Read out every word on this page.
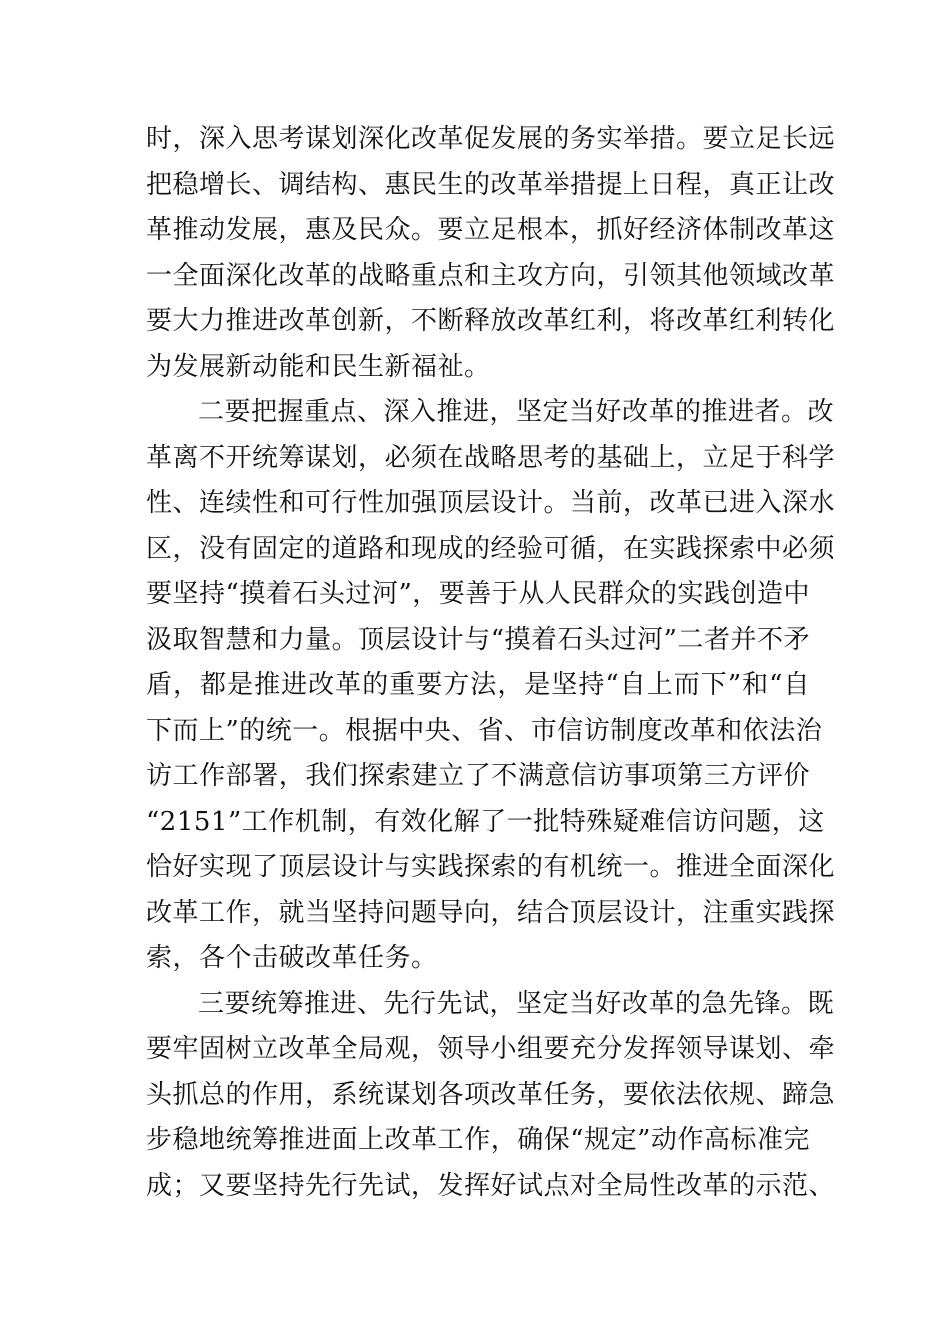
时，深入思考谋划深化改革促发展的务实举措。要立足长远
把稳增长、调结构、惠民生的改革举措提上日程，真正让改
革推动发展，惠及民众。要立足根本，抓好经济体制改革这
一全面深化改革的战略重点和主攻方向，引领其他领域改革
要大力推进改革创新，不断释放改革红利，将改革红利转化
为发展新动能和民生新福祉。
二要把握重点、深入推进，坚定当好改革的推进者。改
革离不开统筹谋划，必须在战略思考的基础上，立足于科学
性、连续性和可行性加强顶层设计。当前，改革已进入深水
区，没有固定的道路和现成的经验可循，在实践探索中必须
要坚持“摸着石头过河”，要善于从人民群众的实践创造中
汲取智慧和力量。顶层设计与“摸着石头过河”二者并不矛
盾，都是推进改革的重要方法，是坚持“自上而下”和“自
下而上”的统一。根据中央、省、市信访制度改革和依法治
访工作部署，我们探索建立了不满意信访事项第三方评价
“2151”工作机制，有效化解了一批特殊疑难信访问题，这
恰好实现了顶层设计与实践探索的有机统一。推进全面深化
改革工作，就当坚持问题导向，结合顶层设计，注重实践探
索，各个击破改革任务。
三要统筹推进、先行先试，坚定当好改革的急先锋。既
要牢固树立改革全局观，领导小组要充分发挥领导谋划、牵
头抓总的作用，系统谋划各项改革任务，要依法依规、蹄急
步稳地统筹推进面上改革工作，确保“规定”动作高标准完
成；又要坚持先行先试，发挥好试点对全局性改革的示范、
